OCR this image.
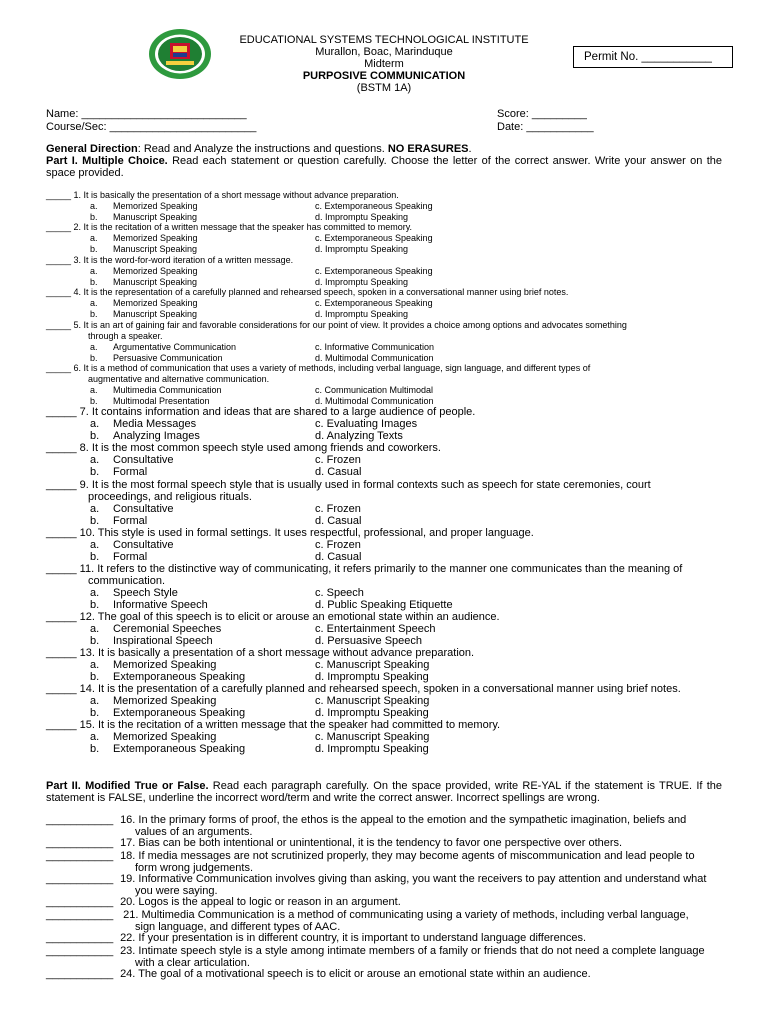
EDUCATIONAL SYSTEMS TECHNOLOGICAL INSTITUTE
Murallon, Boac, Marinduque
Midterm
PURPOSIVE COMMUNICATION
(BSTM 1A)
Permit No. ___________
Name: ___________________________
Course/Sec: ________________________
Score: _________
Date: ___________

General Direction: Read and Analyze the instructions and questions. NO ERASURES.

Part I. Multiple Choice. Read each statement or question carefully. Choose the letter of the correct answer. Write your answer on the space provided.

_____ 1. It is basically the presentation of a short message without advance preparation.
a. Memorized Speaking	c. Extemporaneous Speaking
b. Manuscript Speaking	d. Impromptu Speaking
_____ 2. It is the recitation of a written message that the speaker has committed to memory.
a. Memorized Speaking	c. Extemporaneous Speaking
b. Manuscript Speaking	d. Impromptu Speaking
_____ 3. It is the word-for-word iteration of a written message.
a. Memorized Speaking	c. Extemporaneous Speaking
b. Manuscript Speaking	d. Impromptu Speaking
_____ 4. It is the representation of a carefully planned and rehearsed speech, spoken in a conversational manner using brief notes.
a. Memorized Speaking	c. Extemporaneous Speaking
b. Manuscript Speaking	d. Impromptu Speaking
_____ 5. It is an art of gaining fair and favorable considerations for our point of view. It provides a choice among options and advocates something
through a speaker.
a. Argumentative Communication	c. Informative Communication
b. Persuasive Communication	d. Multimodal Communication
_____ 6. It is a method of communication that uses a variety of methods, including verbal language, sign language, and different types of
augmentative and alternative communication.
a. Multimedia Communication	c. Communication Multimodal
b. Multimodal Presentation	d. Multimodal Communication
_____ 7. It contains information and ideas that are shared to a large audience of people.
a. Media Messages	c. Evaluating Images
b. Analyzing Images	d. Analyzing Texts
_____ 8. It is the most common speech style used among friends and coworkers.
a. Consultative	c. Frozen
b. Formal	d. Casual
_____ 9. It is the most formal speech style that is usually used in formal contexts such as speech for state ceremonies, court
proceedings, and religious rituals.
a. Consultative	c. Frozen
b. Formal	d. Casual
_____ 10. This style is used in formal settings. It uses respectful, professional, and proper language.
a. Consultative	c. Frozen
b. Formal	d. Casual
_____ 11. It refers to the distinctive way of communicating, it refers primarily to the manner one communicates than the meaning of
communication.
a. Speech Style	c. Speech
b. Informative Speech	d. Public Speaking Etiquette
_____ 12. The goal of this speech is to elicit or arouse an emotional state within an audience.
a. Ceremonial Speeches	c. Entertainment Speech
b. Inspirational Speech	d. Persuasive Speech
_____ 13. It is basically a presentation of a short message without advance preparation.
a. Memorized Speaking	c. Manuscript Speaking
b. Extemporaneous Speaking	d. Impromptu Speaking
_____ 14. It is the presentation of a carefully planned and rehearsed speech, spoken in a conversational manner using brief notes.
a. Memorized Speaking	c. Manuscript Speaking
b. Extemporaneous Speaking	d. Impromptu Speaking
_____ 15. It is the recitation of a written message that the speaker had committed to memory.
a. Memorized Speaking	c. Manuscript Speaking
b. Extemporaneous Speaking	d. Impromptu Speaking

Part II. Modified True or False. Read each paragraph carefully. On the space provided, write RE-YAL if the statement is TRUE. If the statement is FALSE, underline the incorrect word/term and write the correct answer. Incorrect spellings are wrong.

___________ 16. In the primary forms of proof, the ethos is the appeal to the emotion and the sympathetic imagination, beliefs and
values of an arguments.
___________ 17. Bias can be both intentional or unintentional, it is the tendency to favor one perspective over others.
___________ 18. If media messages are not scrutinized properly, they may become agents of miscommunication and lead people to
form wrong judgements.
___________ 19. Informative Communication involves giving than asking, you want the receivers to pay attention and understand what
you were saying.
___________ 20. Logos is the appeal to logic or reason in an argument.
___________ 21. Multimedia Communication is a method of communicating using a variety of methods, including verbal language,
sign language, and different types of AAC.
___________ 22. If your presentation is in different country, it is important to understand language differences.
___________ 23. Intimate speech style is a style among intimate members of a family or friends that do not need a complete language
with a clear articulation.
___________ 24. The goal of a motivational speech is to elicit or arouse an emotional state within an audience.
